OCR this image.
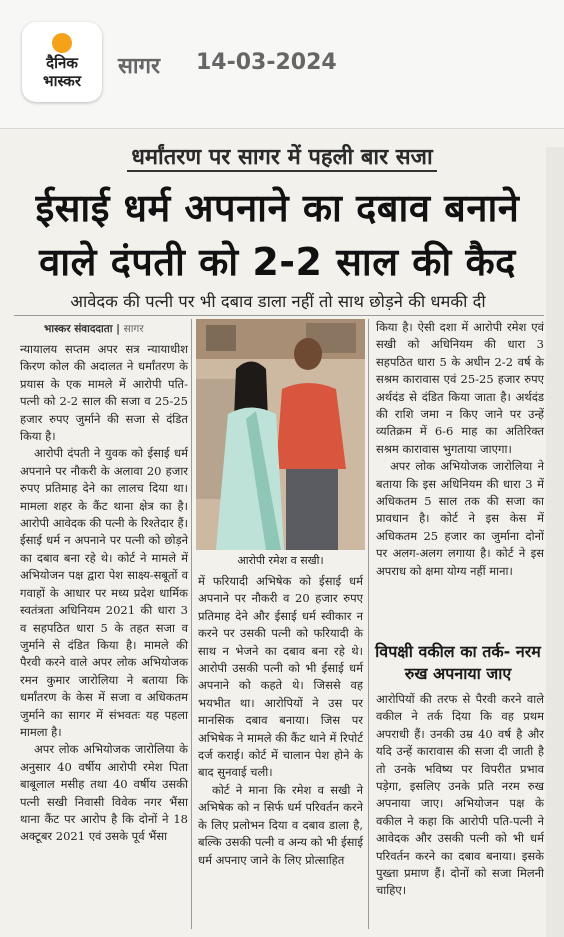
दैनिक
भास्कर
सागर 14-03-2024
धर्मांतरण पर सागर में पहली बार सजा
ईसाई धर्म अपनाने का दबाव बनाने
वाले दंपती को 2-2 साल की कैद
आवेदक की पत्नी पर भी दबाव डाला नहीं तो साथ छोड़ने की धमकी दी
भास्कर संवाददाता | सागर
न्यायालय सप्तम अपर सत्र न्यायाधीश किरण कोल की अदालत ने धर्मांतरण के प्रयास के एक मामले में आरोपी पति-पत्नी को 2-2 साल की सजा व 25-25 हजार रुपए जुर्माने की सजा से दंडित किया है।
आरोपी दंपती ने युवक को ईसाई धर्म अपनाने पर नौकरी के अलावा 20 हजार रुपए प्रतिमाह देने का लालच दिया था। मामला शहर के कैंट थाना क्षेत्र का है। आरोपी आवेदक की पत्नी के रिश्तेदार हैं। ईसाई धर्म न अपनाने पर पत्नी को छोड़ने का दबाव बना रहे थे। कोर्ट ने मामले में अभियोजन पक्ष द्वारा पेश साक्ष्य-सबूतों व गवाहों के आधार पर मध्य प्रदेश धार्मिक स्वतंत्रता अधिनियम 2021 की धारा 3 व सहपठित धारा 5 के तहत सजा व जुर्माने से दंडित किया है। मामले की पैरवी करने वाले अपर लोक अभियोजक रमन कुमार जारोलिया ने बताया कि धर्मांतरण के केस में सजा व अधिकतम जुर्माने का सागर में संभवतः यह पहला मामला है।
अपर लोक अभियोजक जारोलिया के अनुसार 40 वर्षीय आरोपी रमेश पिता बाबूलाल मसीह तथा 40 वर्षीय उसकी पत्नी सखी निवासी विवेक नगर भैंसा थाना कैंट पर आरोप है कि दोनों ने 18 अक्टूबर 2021 एवं उसके पूर्व भैंसा
आरोपी रमेश व सखी।
में फरियादी अभिषेक को ईसाई धर्म अपनाने पर नौकरी व 20 हजार रुपए प्रतिमाह देने और ईसाई धर्म स्वीकार न करने पर उसकी पत्नी को फरियादी के साथ न भेजने का दबाव बना रहे थे। आरोपी उसकी पत्नी को भी ईसाई धर्म अपनाने को कहते थे। जिससे वह भयभीत था। आरोपियों ने उस पर मानसिक दबाव बनाया। जिस पर अभिषेक ने मामले की कैंट थाने में रिपोर्ट दर्ज कराई। कोर्ट में चालान पेश होने के बाद सुनवाई चली।
कोर्ट ने माना कि रमेश व सखी ने अभिषेक को न सिर्फ धर्म परिवर्तन करने के लिए प्रलोभन दिया व दबाव डाला है, बल्कि उसकी पत्नी व अन्य को भी ईसाई धर्म अपनाए जाने के लिए प्रोत्साहित
किया है। ऐसी दशा में आरोपी रमेश एवं सखी को अधिनियम की धारा 3 सहपठित धारा 5 के अधीन 2-2 वर्ष के सश्रम कारावास एवं 25-25 हजार रुपए अर्थदंड से दंडित किया जाता है। अर्थदंड की राशि जमा न किए जाने पर उन्हें व्यतिक्रम में 6-6 माह का अतिरिक्त सश्रम कारावास भुगताया जाएगा।
अपर लोक अभियोजक जारोलिया ने बताया कि इस अधिनियम की धारा 3 में अधिकतम 5 साल तक की सजा का प्रावधान है। कोर्ट ने इस केस में अधिकतम 25 हजार का जुर्माना दोनों पर अलग-अलग लगाया है। कोर्ट ने इस अपराध को क्षमा योग्य नहीं माना।
विपक्षी वकील का तर्क- नरम रुख अपनाया जाए
आरोपियों की तरफ से पैरवी करने वाले वकील ने तर्क दिया कि वह प्रथम अपराधी हैं। उनकी उम्र 40 वर्ष है और यदि उन्हें कारावास की सजा दी जाती है तो उनके भविष्य पर विपरीत प्रभाव पड़ेगा, इसलिए उनके प्रति नरम रुख अपनाया जाए। अभियोजन पक्ष के वकील ने कहा कि आरोपी पति-पत्नी ने आवेदक और उसकी पत्नी को भी धर्म परिवर्तन करने का दबाव बनाया। इसके पुख्ता प्रमाण हैं। दोनों को सजा मिलनी चाहिए।
